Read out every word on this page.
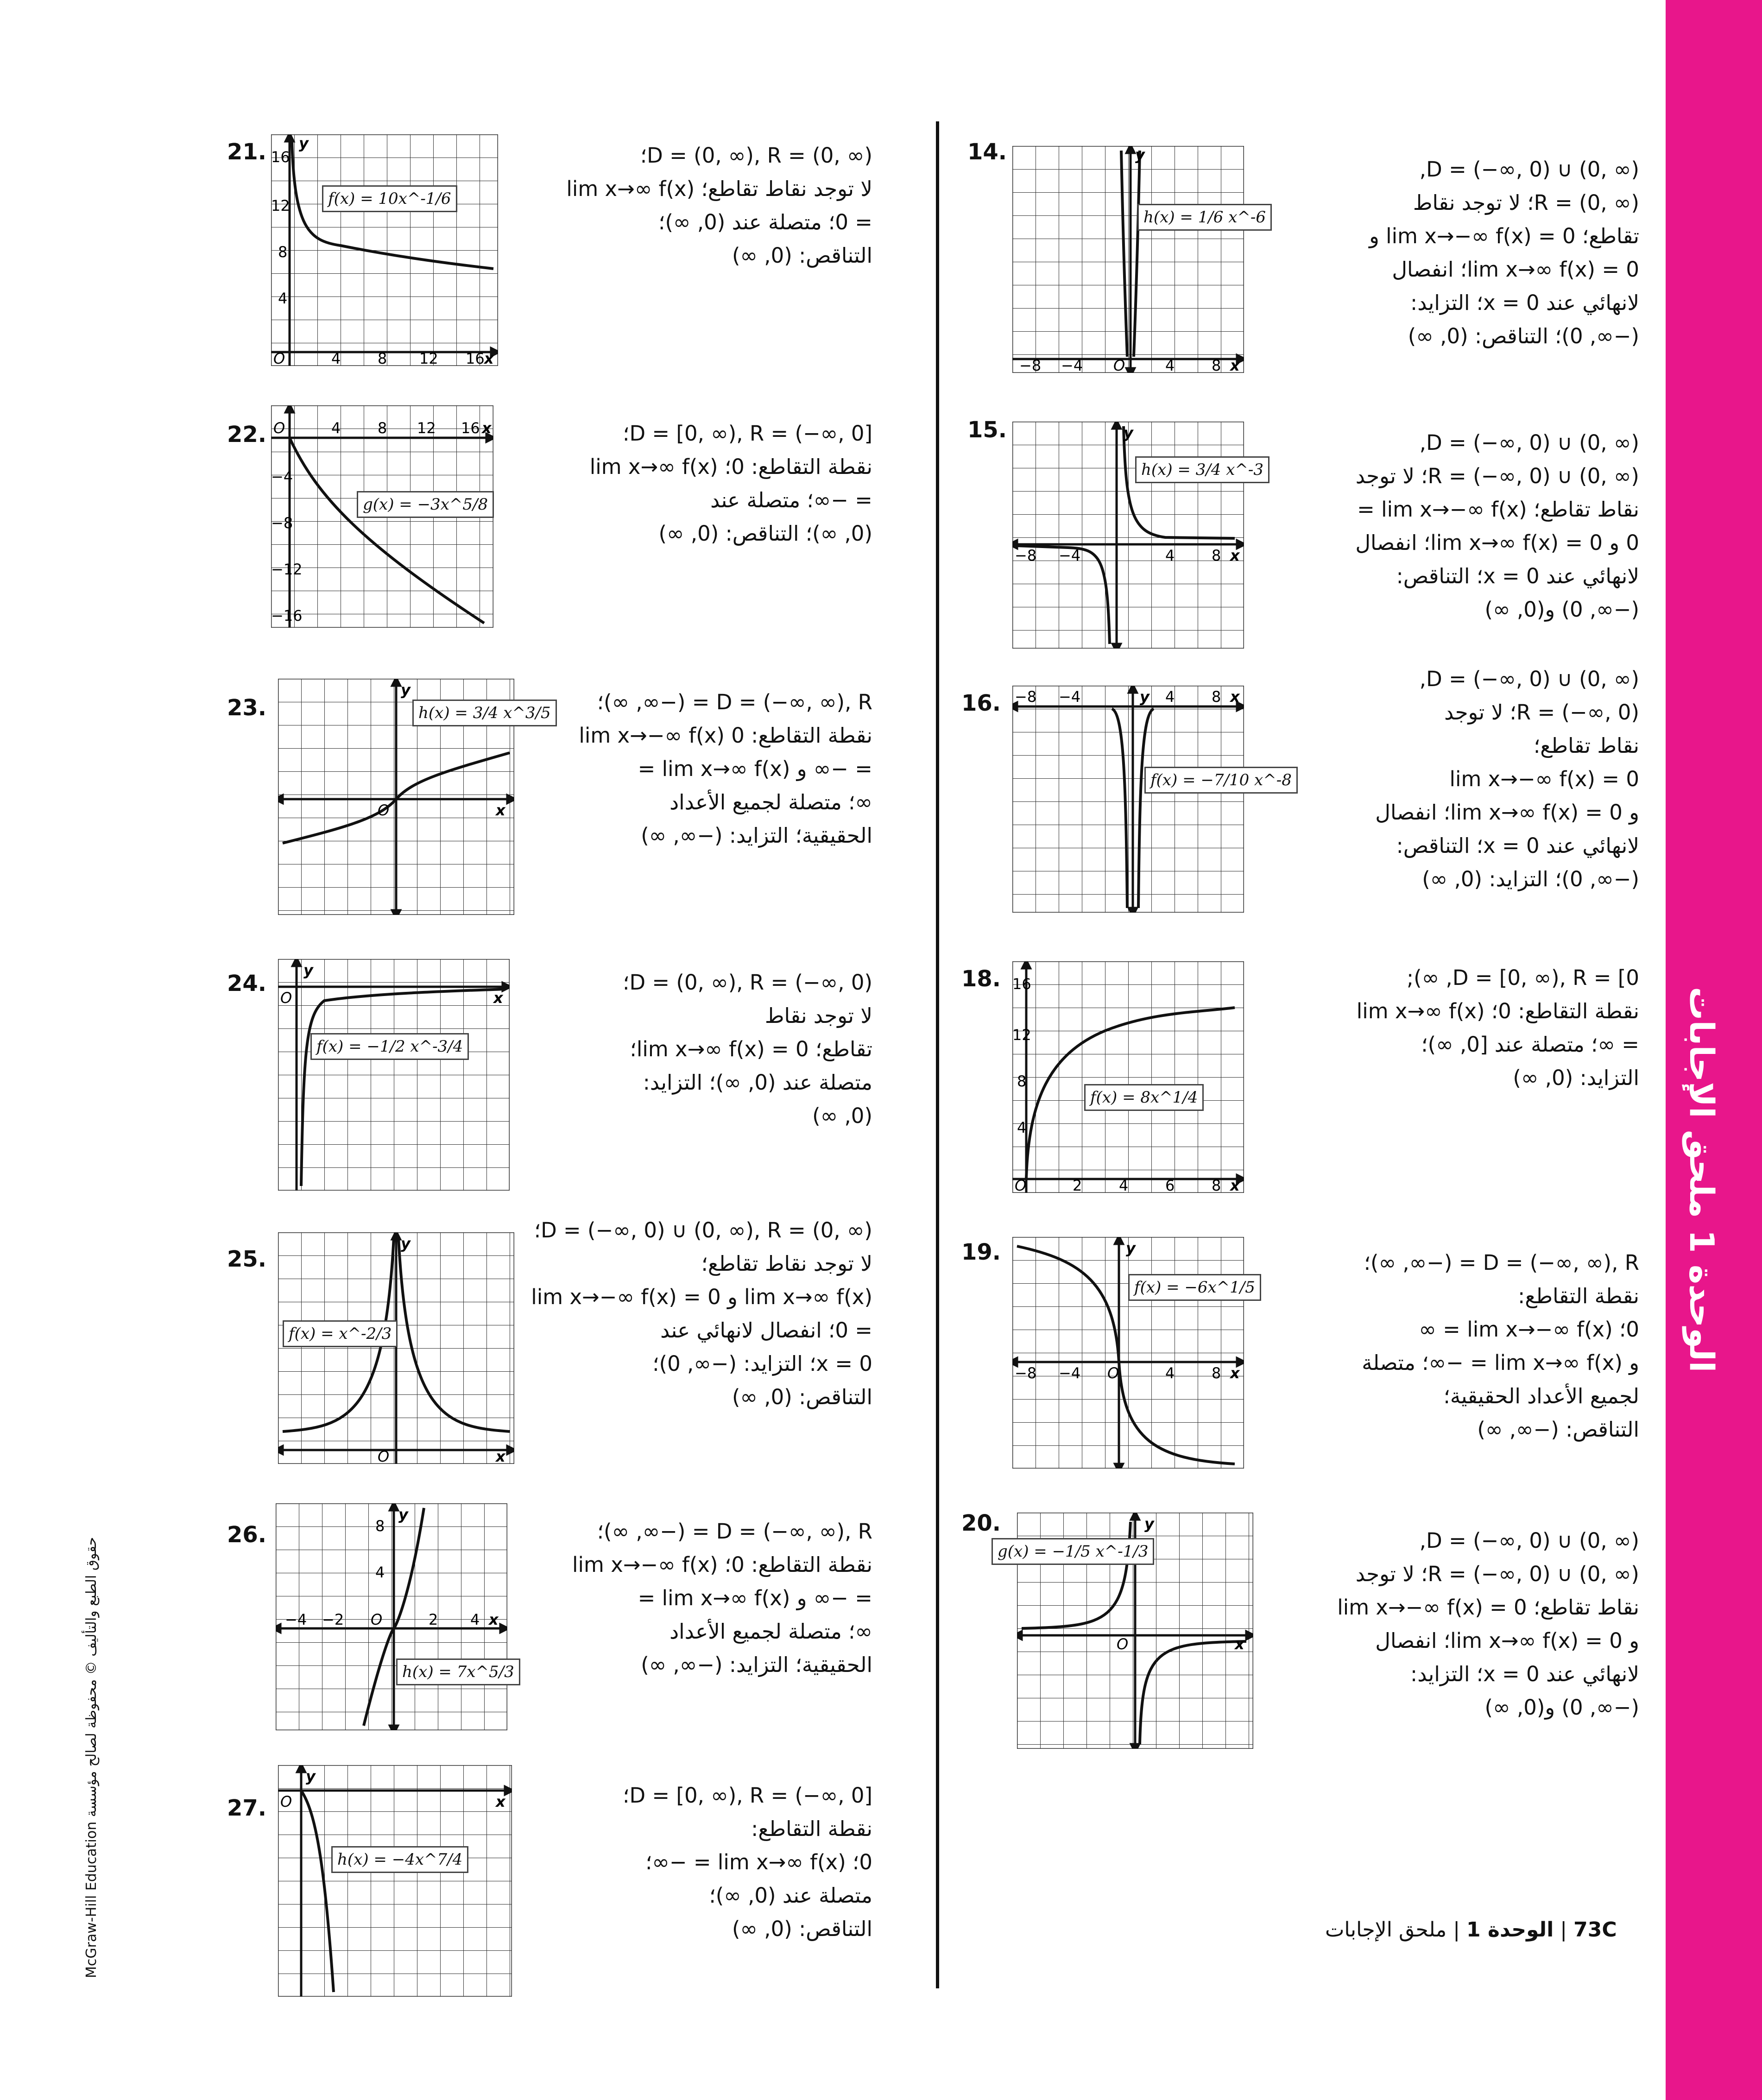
الوحدة 1 ملحق الإجابات
14.
−8 −4 O	4 8 x
y
h(x) = 1/6 x^-6
D = (−∞, 0) ∪ (0, ∞),
R = (0, ∞)؛ لا توجد نقاط
تقاطع؛ lim x→−∞ f(x) = 0 و
lim x→∞ f(x) = 0؛ انفصال
لانهائي عند x = 0؛ التزايد:
(−∞, 0)؛ التناقص: (0, ∞)
15.
−8 −4	4 8 x
y
h(x) = 3/4 x^-3
D = (−∞, 0) ∪ (0, ∞),
R = (−∞, 0) ∪ (0, ∞)؛ لا توجد
نقاط تقاطع؛ lim x→−∞ f(x) =
0 و lim x→∞ f(x) = 0؛ انفصال
لانهائي عند x = 0؛ التناقص:
(−∞, 0) و(0, ∞)
16. −8 −4	4 8 x
y
f(x) = −7/10 x^-8
D = (−∞, 0) ∪ (0, ∞),
R = (−∞, 0)؛ لا توجد
نقاط تقاطع؛
lim x→−∞ f(x) = 0
و lim x→∞ f(x) = 0؛ انفصال
لانهائي عند x = 0؛ التناقص:
(−∞, 0)؛ التزايد: (0, ∞)
18.
O	2 4 6 8 x
16
12
8
4
f(x) = 8x^1/4
D = [0, ∞), R = [0, ∞);
نقطة التقاطع: 0؛ lim x→∞ f(x)
= ∞؛ متصلة عند [0, ∞)؛
التزايد: (0, ∞)
19.
−8 −4 O	4 8 x
y
f(x) = −6x^1/5
D = (−∞, ∞), R = (−∞, ∞)؛
نقطة التقاطع:
0؛ lim x→−∞ f(x) = ∞
و lim x→∞ f(x) = −∞؛ متصلة
لجميع الأعداد الحقيقية؛
التناقص: (−∞, ∞)
20.
O	x
y
g(x) = −1/5 x^-1/3	D = (−∞, 0) ∪ (0, ∞),
R = (−∞, 0) ∪ (0, ∞)؛ لا توجد
نقاط تقاطع؛ lim x→−∞ f(x) = 0
و lim x→∞ f(x) = 0؛ انفصال
لانهائي عند x = 0؛ التزايد:
(−∞, 0) و(0, ∞)
21.
O	4 8 12 16 x
16
12
8
4
y
f(x) = 10x^-1/6
D = (0, ∞), R = (0, ∞)؛
لا توجد نقاط تقاطع؛ lim x→∞ f(x)
= 0؛ متصلة عند (0, ∞)؛
التناقص: (0, ∞)
22. O	4 8 12 16 x
−4
−8
−12
−16
g(x) = −3x^5/8
D = [0, ∞), R = (−∞, 0]؛
نقطة التقاطع: 0؛ lim x→∞ f(x)
= −∞؛ متصلة عند
(0, ∞)؛ التناقص: (0, ∞)
23.
O	x
y
h(x) = 3/4 x^3/5	D = (−∞, ∞), R = (−∞, ∞)؛
نقطة التقاطع: 0 lim x→−∞ f(x)
= −∞ و lim x→∞ f(x) =
∞؛ متصلة لجميع الأعداد
الحقيقية؛ التزايد: (−∞, ∞)
24.
O	x
y
f(x) = −1/2 x^-3/4
D = (0, ∞), R = (−∞, 0)؛
لا توجد نقاط
تقاطع؛ lim x→∞ f(x) = 0؛
متصلة عند (0, ∞)؛ التزايد:
(0, ∞)
25.
O	x
y
f(x) = x^-2/3
D = (−∞, 0) ∪ (0, ∞), R = (0, ∞)؛
لا توجد نقاط تقاطع؛
lim x→∞ f(x) و lim x→−∞ f(x) = 0
= 0؛ انفصال لانهائي عند
x = 0؛ التزايد: (−∞, 0)؛
التناقص: (0, ∞)
26.
−4 −2 O	2 4 x
8
4
y
h(x) = 7x^5/3
D = (−∞, ∞), R = (−∞, ∞)؛
نقطة التقاطع: 0؛ lim x→−∞ f(x)
= −∞ و lim x→∞ f(x) =
∞؛ متصلة لجميع الأعداد
الحقيقية؛ التزايد: (−∞, ∞)
27. O	x
y
h(x) = −4x^7/4
D = [0, ∞), R = (−∞, 0]؛
نقطة التقاطع:
0؛ lim x→∞ f(x) = −∞؛
متصلة عند (0, ∞)؛
التناقص: (0, ∞)
McGraw-Hill Education حقوق الطبع والتأليف © محفوظة لصالح مؤسسة
73C | الوحدة 1 | ملحق الإجابات
